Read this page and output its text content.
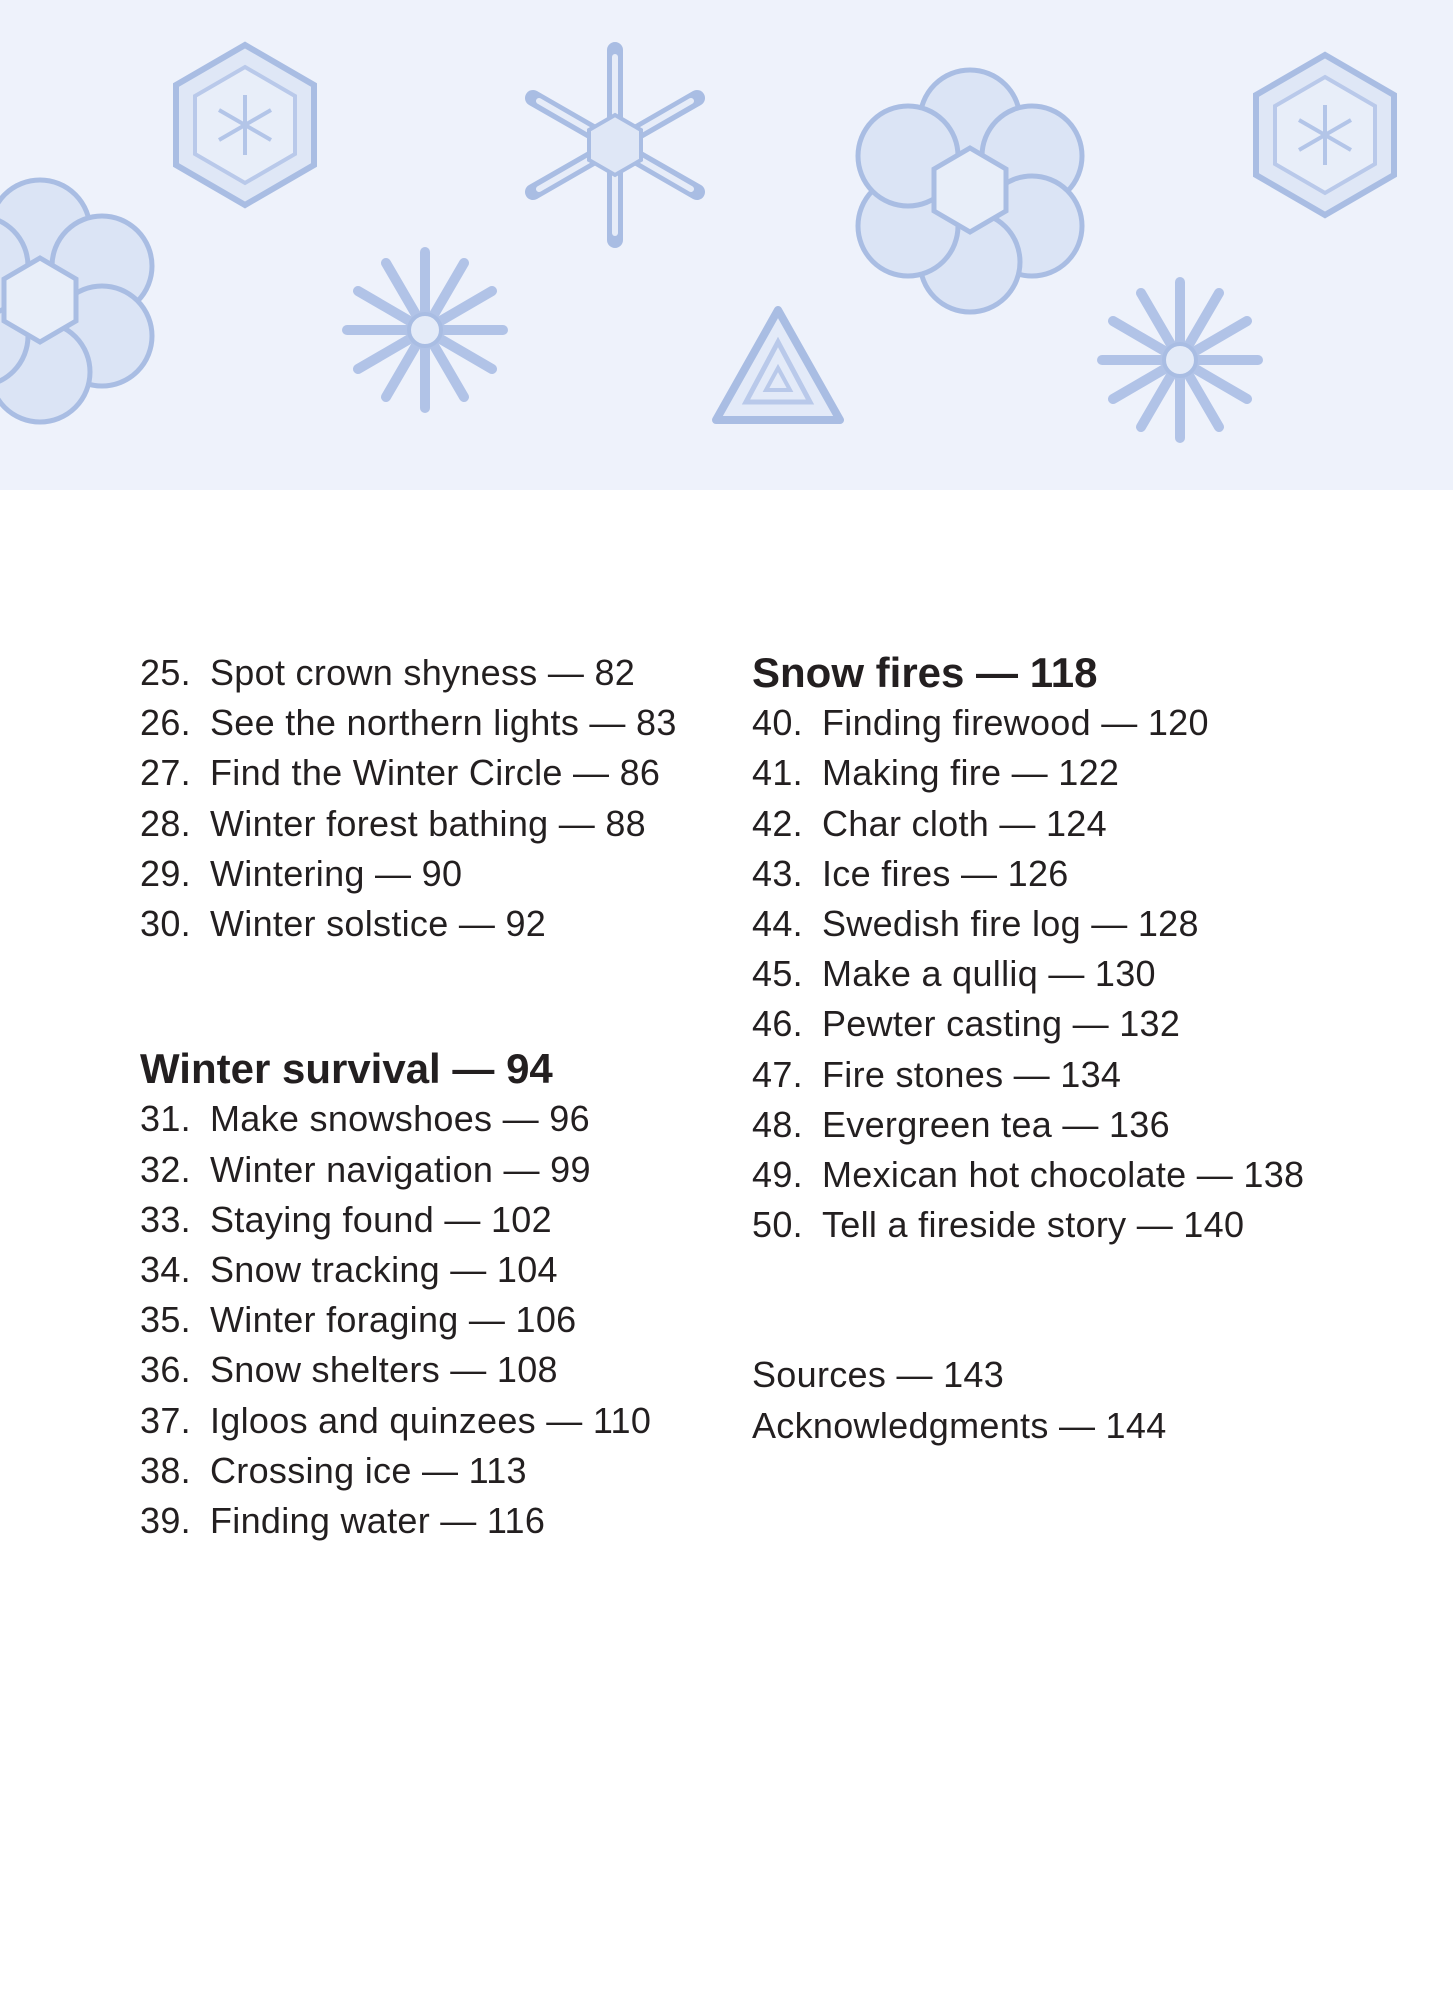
25. Spot crown shyness — 82
26. See the northern lights — 83
27. Find the Winter Circle — 86
28. Winter forest bathing — 88
29. Wintering — 90
30. Winter solstice — 92
Winter survival — 94
31. Make snowshoes — 96
32. Winter navigation — 99
33. Staying found — 102
34. Snow tracking — 104
35. Winter foraging — 106
36. Snow shelters — 108
37. Igloos and quinzees — 110
38. Crossing ice — 113
39. Finding water — 116
Snow fires — 118
40. Finding firewood — 120
41. Making fire — 122
42. Char cloth — 124
43. Ice fires — 126
44. Swedish fire log — 128
45. Make a qulliq — 130
46. Pewter casting — 132
47. Fire stones — 134
48. Evergreen tea — 136
49. Mexican hot chocolate — 138
50. Tell a fireside story — 140
Sources — 143
Acknowledgments — 144
